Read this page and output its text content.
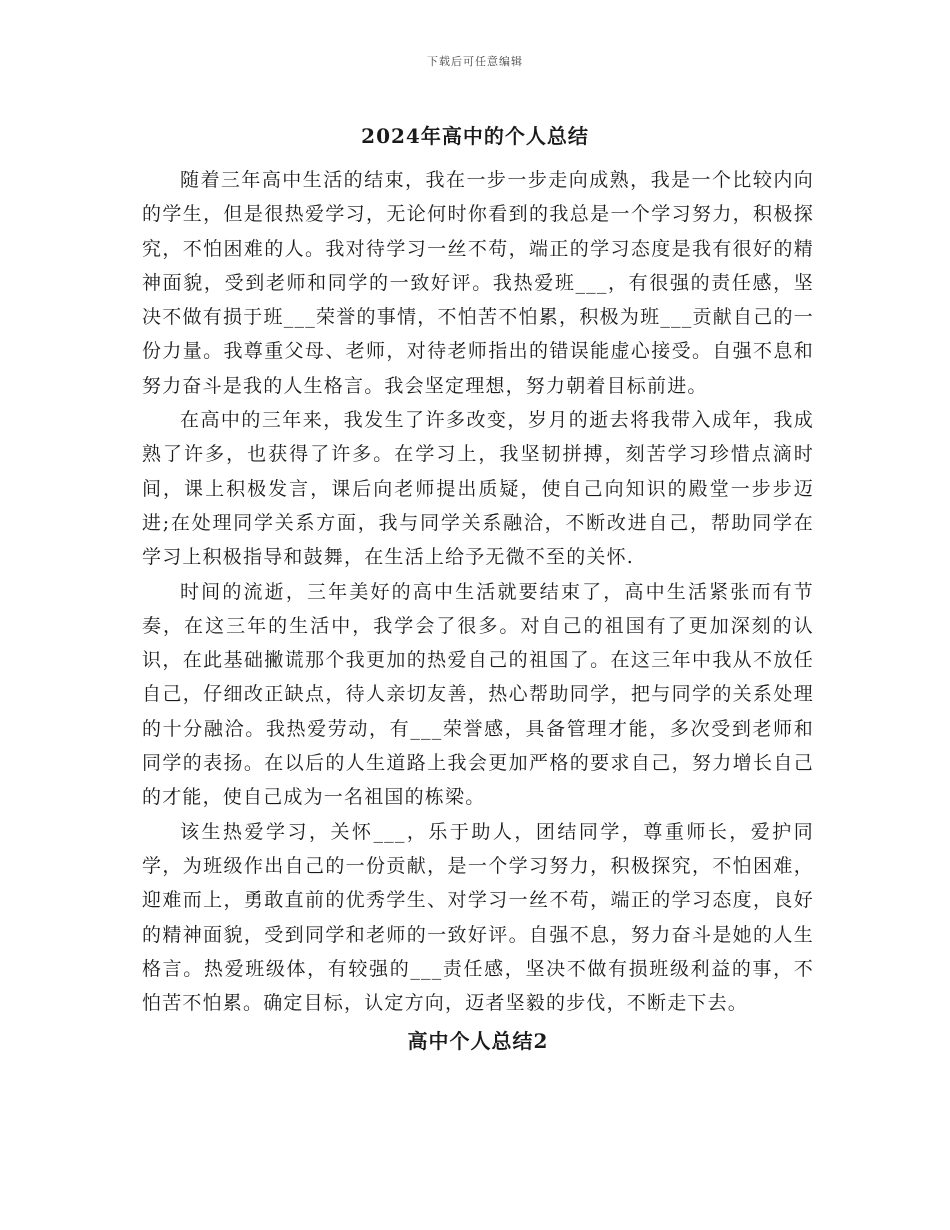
下载后可任意编辑
2024年高中的个人总结

随着三年高中生活的结束，我在一步一步走向成熟，我是一个比较内向的学生，但是很热爱学习，无论何时你看到的我总是一个学习努力，积极探究，不怕困难的人。我对待学习一丝不苟，端正的学习态度是我有很好的精神面貌，受到老师和同学的一致好评。我热爱班___，有很强的责任感，坚决不做有损于班___荣誉的事情，不怕苦不怕累，积极为班___贡献自己的一份力量。我尊重父母、老师，对待老师指出的错误能虚心接受。自强不息和努力奋斗是我的人生格言。我会坚定理想，努力朝着目标前进。

在高中的三年来，我发生了许多改变，岁月的逝去将我带入成年，我成熟了许多，也获得了许多。在学习上，我坚韧拼搏，刻苦学习珍惜点滴时间，课上积极发言，课后向老师提出质疑，使自己向知识的殿堂一步步迈进;在处理同学关系方面，我与同学关系融洽，不断改进自己，帮助同学在学习上积极指导和鼓舞，在生活上给予无微不至的关怀.

时间的流逝，三年美好的高中生活就要结束了，高中生活紧张而有节奏，在这三年的生活中，我学会了很多。对自己的祖国有了更加深刻的认识，在此基础撇谎那个我更加的热爱自己的祖国了。在这三年中我从不放任自己，仔细改正缺点，待人亲切友善，热心帮助同学，把与同学的关系处理的十分融洽。我热爱劳动，有___荣誉感，具备管理才能，多次受到老师和同学的表扬。在以后的人生道路上我会更加严格的要求自己，努力增长自己的才能，使自己成为一名祖国的栋梁。

该生热爱学习，关怀___，乐于助人，团结同学，尊重师长，爱护同学，为班级作出自己的一份贡献，是一个学习努力，积极探究，不怕困难，迎难而上，勇敢直前的优秀学生、对学习一丝不苟，端正的学习态度，良好的精神面貌，受到同学和老师的一致好评。自强不息，努力奋斗是她的人生格言。热爱班级体，有较强的___责任感，坚决不做有损班级利益的事，不怕苦不怕累。确定目标，认定方向，迈者坚毅的步伐，不断走下去。

高中个人总结2
